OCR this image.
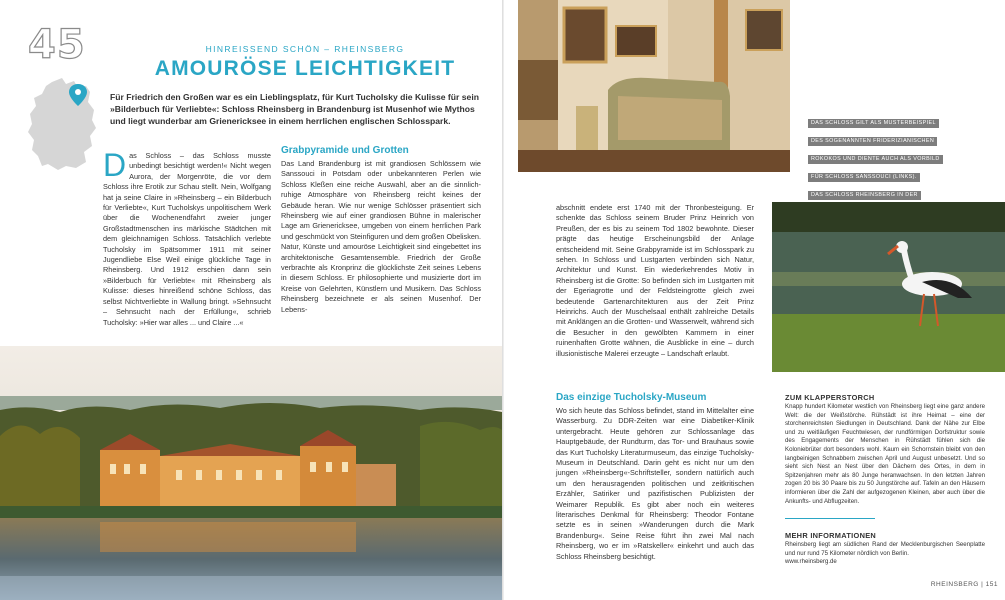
45	HINREISSEND SCHÖN – RHEINSBERG
AMOURÖSE LEICHTIGKEIT
Für Friedrich den Großen war es ein Lieblingsplatz, für Kurt Tucholsky die Kulisse für sein »Bilderbuch für Verliebte«: Schloss Rheinsberg in Brandenburg ist Musenhof wie Mythos und liegt wunderbar am Grienericksee in einem herrlichen englischen Schlosspark.
D as Schloss – das Schloss musste unbedingt besichtigt werden!« Nicht wegen Aurora, der Morgenröte, die vor dem Schloss ihre Erotik zur Schau stellt. Nein, Wolfgang hat ja seine Claire in »Rheinsberg – ein Bilderbuch für Verliebte«, Kurt Tucholskys unpolitischem Werk über die Wochenendfahrt zweier junger Großstadtmenschen ins märkische Städtchen mit dem gleichnamigen Schloss. Tatsächlich verlebte Tucholsky im Spätsommer 1911 mit seiner Jugendliebe Else Weil einige glückliche Tage in Rheinsberg. Und 1912 erschien dann sein »Bilderbuch für Verliebte« mit Rheinsberg als Kulisse: dieses hinreißend schöne Schloss, das selbst Nichtverliebte in Wallung bringt. »Sehnsucht – Sehnsucht nach der Erfüllung«, schrieb Tucholsky: »Hier war alles ... und Claire ...«
Grabpyramide und Grotten
Das Land Brandenburg ist mit grandiosen Schlössern wie Sanssouci in Potsdam oder unbekannteren Perlen wie Schloss Kleßen eine reiche Auswahl, aber an die sinnlich-ruhige Atmosphäre von Rheinsberg reicht keines der Gebäude heran. Wie nur wenige Schlösser präsentiert sich Rheinsberg wie auf einer grandiosen Bühne in malerischer Lage am Grienericksee, umgeben von einem herrlichen Park und geschmückt von Steinfiguren und dem großen Obelisken. Natur, Künste und amouröse Leichtigkeit sind eingebettet ins architektonische Gesamtensemble. Friedrich der Große verbrachte als Kronprinz die glücklichste Zeit seines Lebens in diesem Schloss. Er philosophierte und musizierte dort im Kreise von Gelehrten, Künstlern und Musikern. Das Schloss Rheinsberg bezeichnete er als seinen Musenhof. Der Lebens-
DAS SCHLOSS GILT ALS MUSTERBEISPIEL
DES SOGENANNTEN FRIDERIZIANISCHEN
ROKOKOS UND DIENTE AUCH ALS VORBILD
FÜR SCHLOSS SANSSOUCI (LINKS).
DAS SCHLOSS RHEINSBERG IN DER

abschnitt endete erst 1740 mit der Thronbesteigung. Er schenkte das Schloss seinem Bruder Prinz Heinrich von Preußen, der es bis zu seinem Tod 1802 bewohnte. Dieser prägte das heutige Erscheinungsbild der Anlage entscheidend mit. Seine Grabpyramide ist im Schlosspark zu sehen. In Schloss und Lustgarten verbinden sich Natur, Architektur und Kunst. Ein wiederkehrendes Motiv in Rheinsberg ist die Grotte: So befinden sich im Lustgarten mit der Egeriagrotte und der Feldsteingrotte gleich zwei bedeutende Gartenarchitekturen aus der Zeit Prinz Heinrichs. Auch der Muschelsaal enthält zahlreiche Details mit Anklängen an die Grotten- und Wasserwelt, während sich die Besucher in den gewölbten Kammern in einer ruinenhaften Grotte wähnen, die Ausblicke in eine – durch illusionistische Malerei erzeugte – Landschaft erlaubt.
Das einzige Tucholsky-Museum
Wo sich heute das Schloss befindet, stand im Mittelalter eine Wasserburg. Zu DDR-Zeiten war eine Diabetiker-Klinik untergebracht. Heute gehören zur Schlossanlage das Hauptgebäude, der Rundturm, das Tor- und Brauhaus sowie das Kurt Tucholsky Literaturmuseum, das einzige Tucholsky-Museum in Deutschland. Darin geht es nicht nur um den jungen »Rheinsberg«-Schriftsteller, sondern natürlich auch um den herausragenden politischen und zeitkritischen Erzähler, Satiriker und pazifistischen Publizisten der Weimarer Republik. Es gibt aber noch ein weiteres literarisches Denkmal für Rheinsberg: Theodor Fontane setzte es in seinen »Wanderungen durch die Mark Brandenburg«. Seine Reise führt ihn zwei Mal nach Rheinsberg, wo er im »Ratskeller« einkehrt und auch das Schloss Rheinsberg besichtigt.
ZUM KLAPPERSTORCH
Knapp hundert Kilometer westlich von Rheinsberg liegt eine ganz andere Welt: die der Weißstörche. Rühstädt ist ihre Heimat – eine der storchenreichsten Siedlungen in Deutschland. Dank der Nähe zur Elbe und zu weitläufigen Feuchtwiesen, der rundförmigen Dorfstruktur sowie des Engagements der Menschen in Rühstädt fühlen sich die Koloniebrüter dort besonders wohl. Kaum ein Schornstein bleibt von den langbeinigen Schnabbern zwischen April und August unbesetzt. Und so sieht sich Nest an Nest über den Dächern des Ortes, in dem in Spitzenjahren mehr als 80 Junge heranwachsen. In den letzten Jahren zogen 20 bis 30 Paare bis zu 50 Jungstörche auf. Tafeln an den Häusern informieren über die Zahl der aufgezogenen Kleinen, aber auch über die Ankunfts- und Abflugzeiten.
MEHR INFORMATIONEN
Rheinsberg liegt am südlichen Rand der Mecklenburgischen Seenplatte und nur rund 75 Kilometer nördlich von Berlin.
www.rheinsberg.de
RHEINSBERG | 151
